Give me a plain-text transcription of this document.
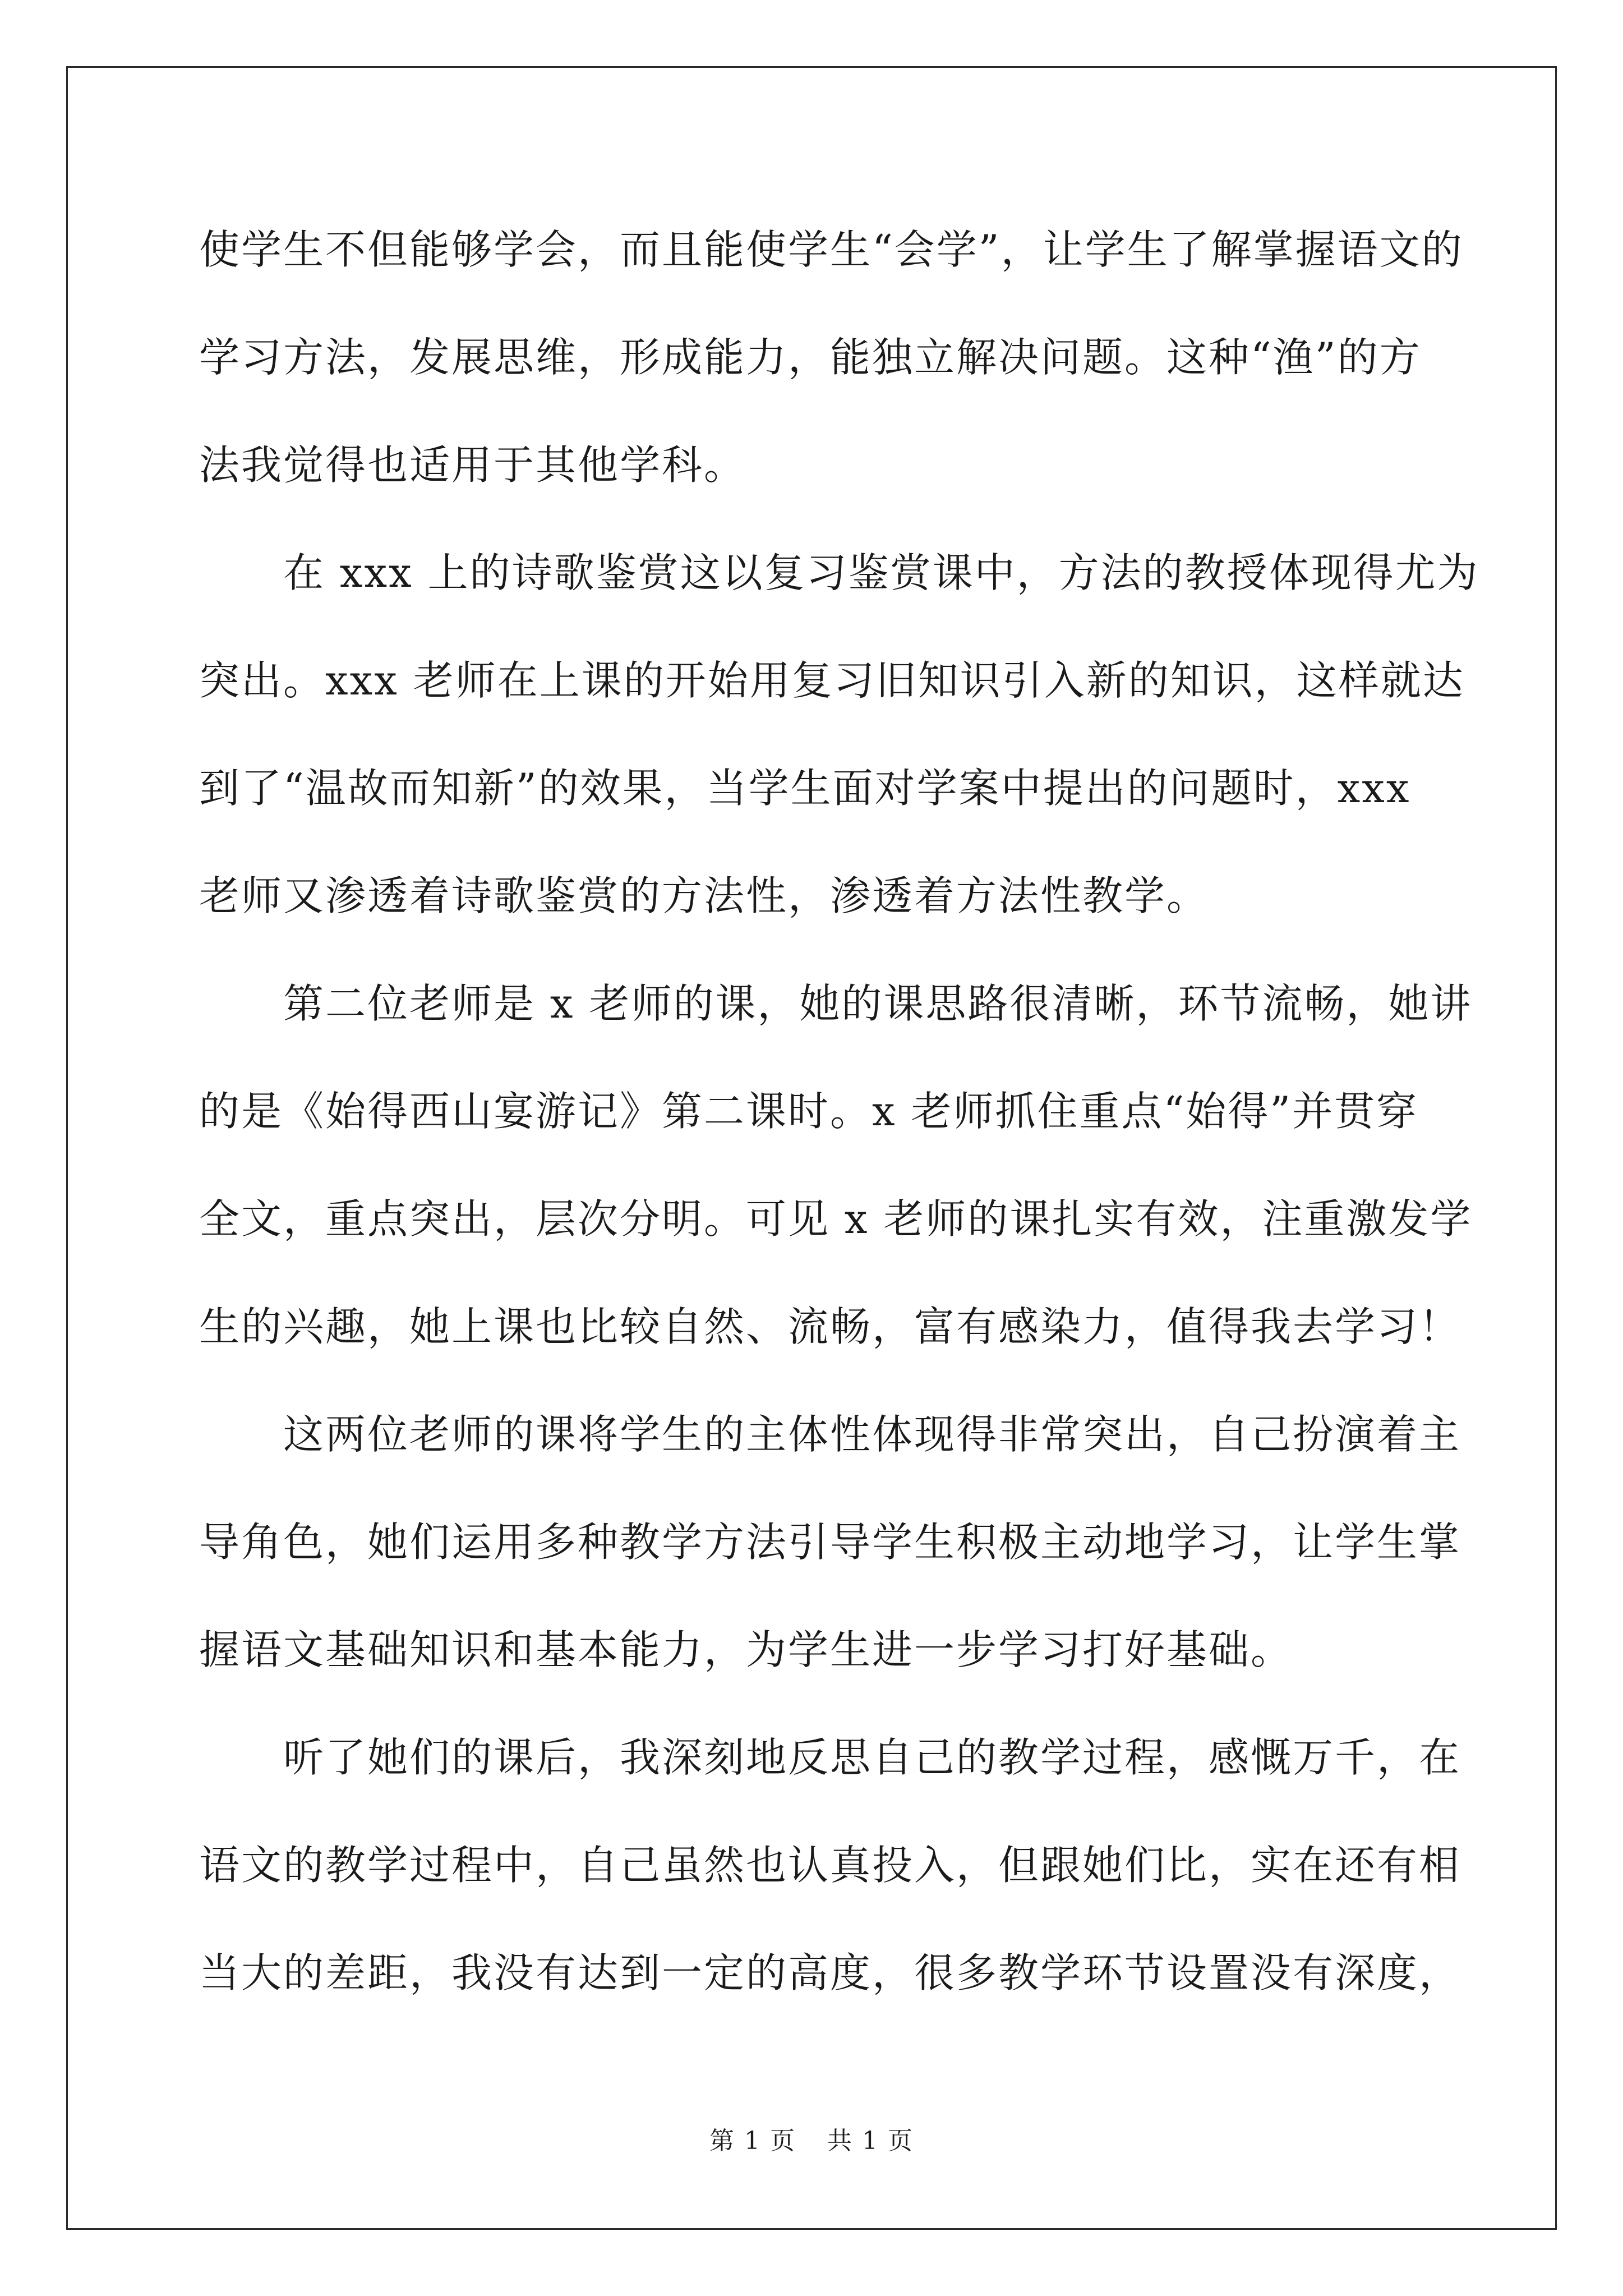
使学生不但能够学会，而且能使学生“会学”，让学生了解掌握语文的
学习方法，发展思维，形成能力，能独立解决问题。这种“渔”的方
法我觉得也适用于其他学科。
在 xxx 上的诗歌鉴赏这以复习鉴赏课中，方法的教授体现得尤为
突出。xxx 老师在上课的开始用复习旧知识引入新的知识，这样就达
到了“温故而知新”的效果，当学生面对学案中提出的问题时，xxx
老师又渗透着诗歌鉴赏的方法性，渗透着方法性教学。
第二位老师是 x 老师的课，她的课思路很清晰，环节流畅，她讲
的是《始得西山宴游记》第二课时。x 老师抓住重点“始得”并贯穿
全文，重点突出，层次分明。可见 x 老师的课扎实有效，注重激发学
生的兴趣，她上课也比较自然、流畅，富有感染力，值得我去学习！
这两位老师的课将学生的主体性体现得非常突出，自己扮演着主
导角色，她们运用多种教学方法引导学生积极主动地学习，让学生掌
握语文基础知识和基本能力，为学生进一步学习打好基础。
听了她们的课后，我深刻地反思自己的教学过程，感慨万千，在
语文的教学过程中，自己虽然也认真投入，但跟她们比，实在还有相
当大的差距，我没有达到一定的高度，很多教学环节设置没有深度，
第 1 页 共 1 页
